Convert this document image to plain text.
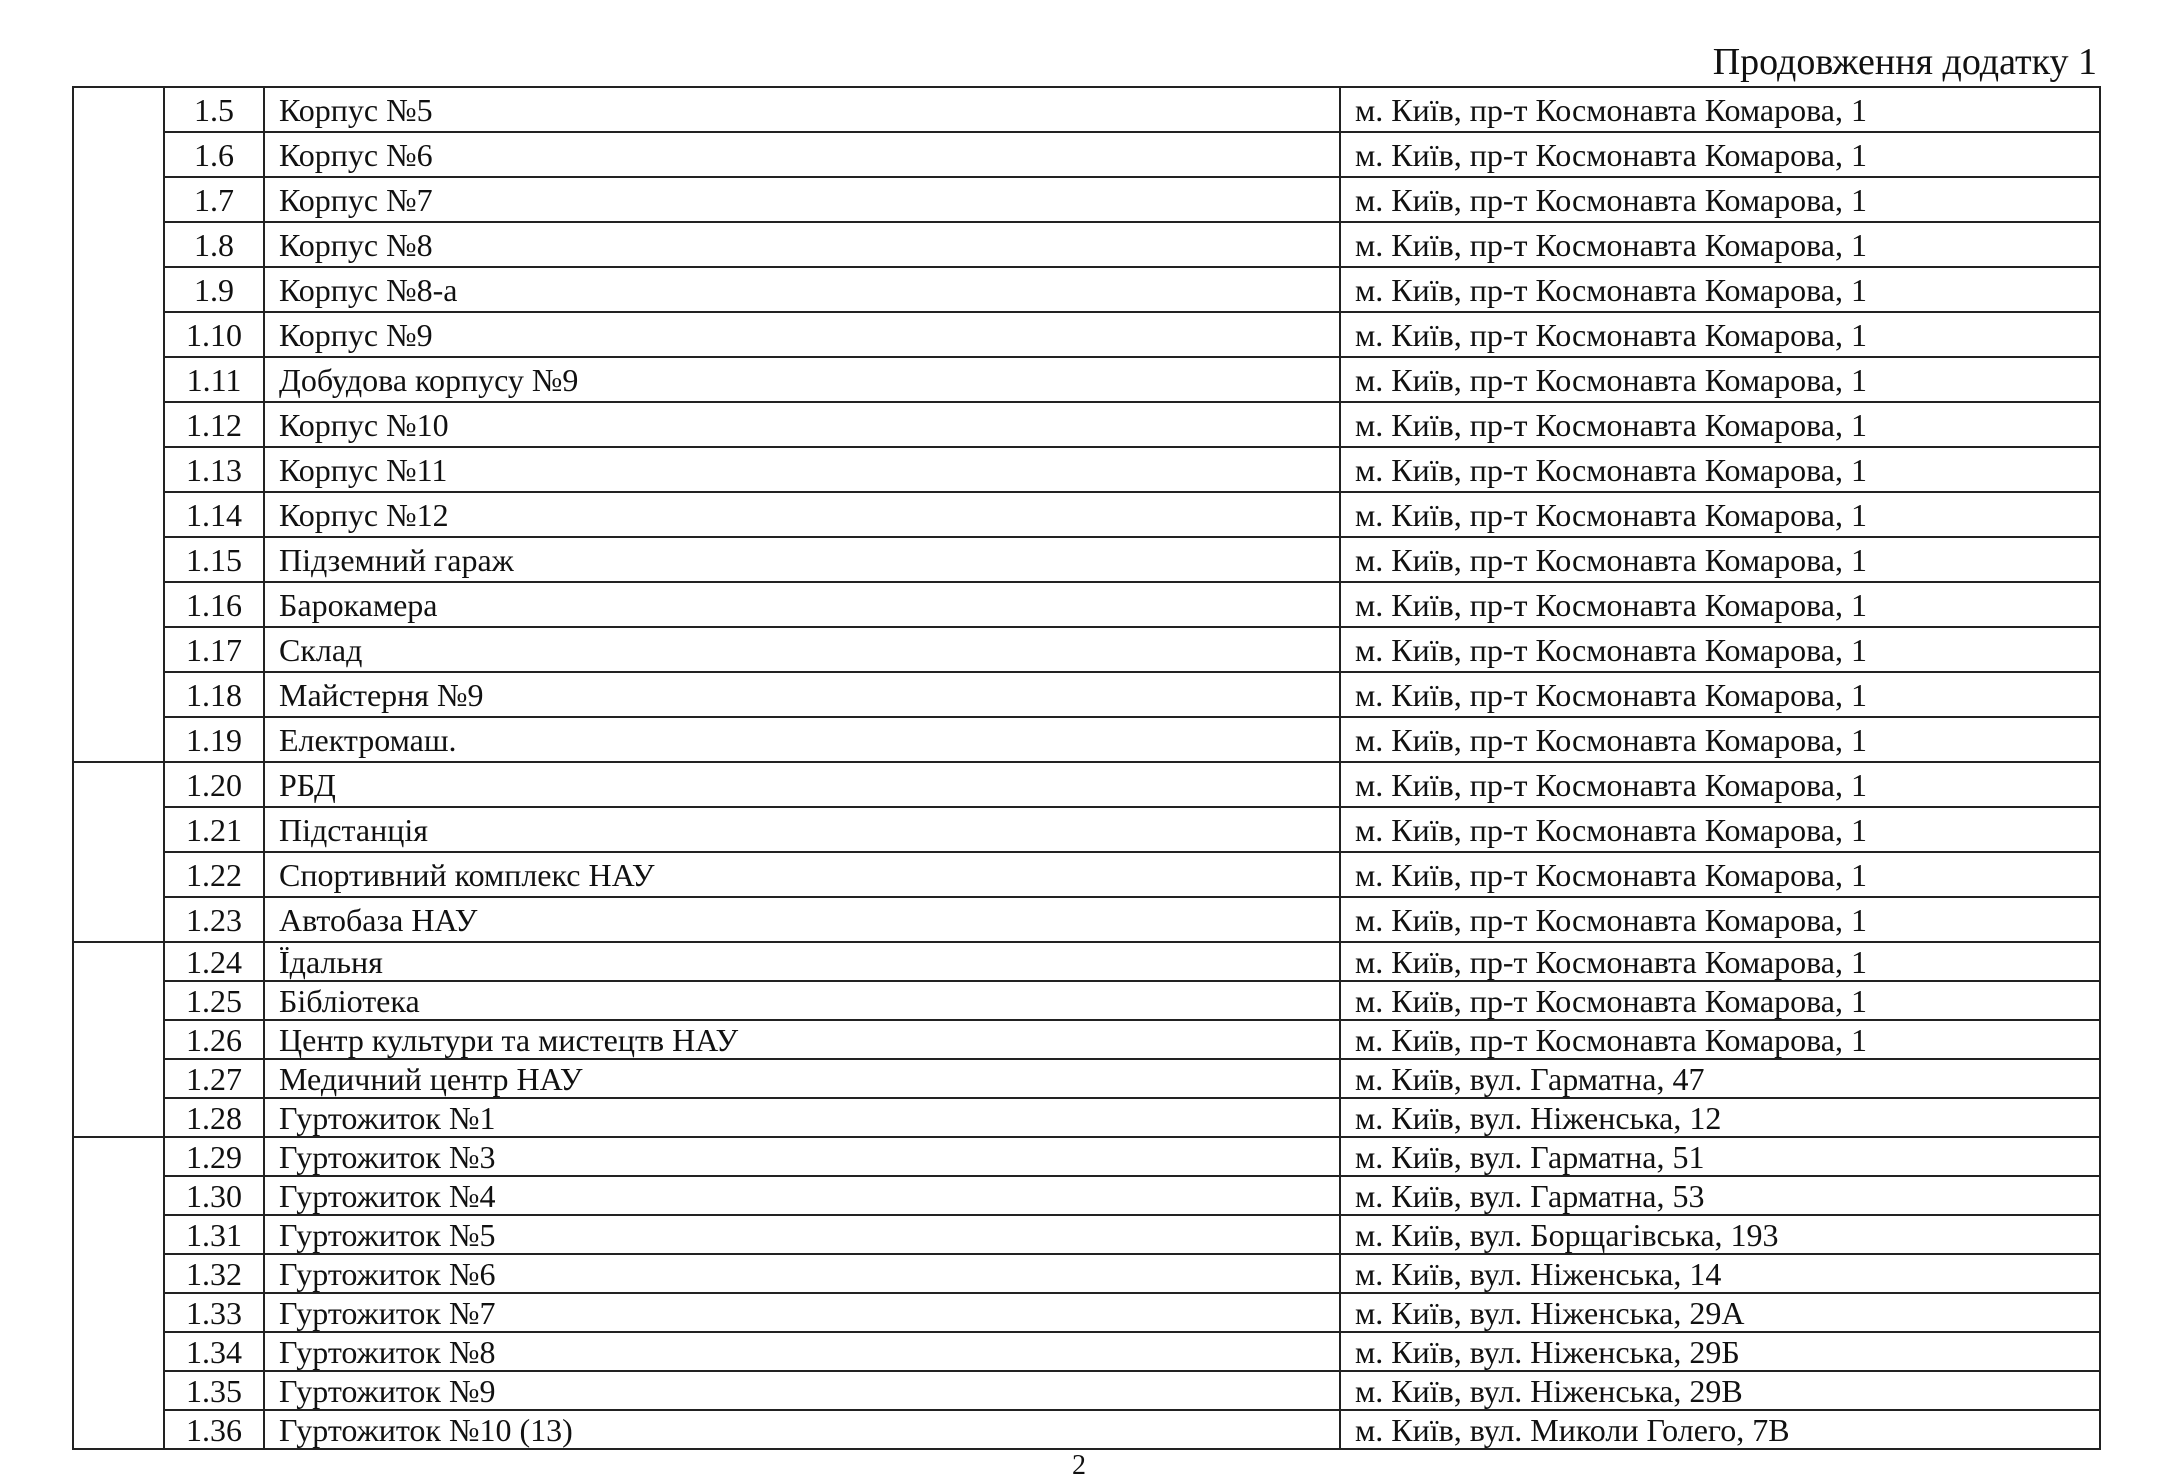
Продовження додатку 1
	1.5	Корпус №5	м. Київ, пр-т Космонавта Комарова, 1
	1.6	Корпус №6	м. Київ, пр-т Космонавта Комарова, 1
	1.7	Корпус №7	м. Київ, пр-т Космонавта Комарова, 1
	1.8	Корпус №8	м. Київ, пр-т Космонавта Комарова, 1
	1.9	Корпус №8-а	м. Київ, пр-т Космонавта Комарова, 1
	1.10	Корпус №9	м. Київ, пр-т Космонавта Комарова, 1
	1.11	Добудова корпусу №9	м. Київ, пр-т Космонавта Комарова, 1
	1.12	Корпус №10	м. Київ, пр-т Космонавта Комарова, 1
	1.13	Корпус №11	м. Київ, пр-т Космонавта Комарова, 1
	1.14	Корпус №12	м. Київ, пр-т Космонавта Комарова, 1
	1.15	Підземний гараж	м. Київ, пр-т Космонавта Комарова, 1
	1.16	Барокамера	м. Київ, пр-т Космонавта Комарова, 1
	1.17	Склад	м. Київ, пр-т Космонавта Комарова, 1
	1.18	Майстерня №9	м. Київ, пр-т Космонавта Комарова, 1
	1.19	Електромаш.	м. Київ, пр-т Космонавта Комарова, 1
	1.20	РБД	м. Київ, пр-т Космонавта Комарова, 1
	1.21	Підстанція	м. Київ, пр-т Космонавта Комарова, 1
	1.22	Спортивний комплекс НАУ	м. Київ, пр-т Космонавта Комарова, 1
	1.23	Автобаза НАУ	м. Київ, пр-т Космонавта Комарова, 1
	1.24	Їдальня	м. Київ, пр-т Космонавта Комарова, 1
	1.25	Бібліотека	м. Київ, пр-т Космонавта Комарова, 1
	1.26	Центр культури та мистецтв НАУ	м. Київ, пр-т Космонавта Комарова, 1
	1.27	Медичний центр НАУ	м. Київ, вул. Гарматна, 47
	1.28	Гуртожиток №1	м. Київ, вул. Ніженська, 12
	1.29	Гуртожиток №3	м. Київ, вул. Гарматна, 51
	1.30	Гуртожиток №4	м. Київ, вул. Гарматна, 53
	1.31	Гуртожиток №5	м. Київ, вул. Борщагівська, 193
	1.32	Гуртожиток №6	м. Київ, вул. Ніженська, 14
	1.33	Гуртожиток №7	м. Київ, вул. Ніженська, 29А
	1.34	Гуртожиток №8	м. Київ, вул. Ніженська, 29Б
	1.35	Гуртожиток №9	м. Київ, вул. Ніженська, 29В
	1.36	Гуртожиток №10 (13)	м. Київ, вул. Миколи Голего, 7В
2
